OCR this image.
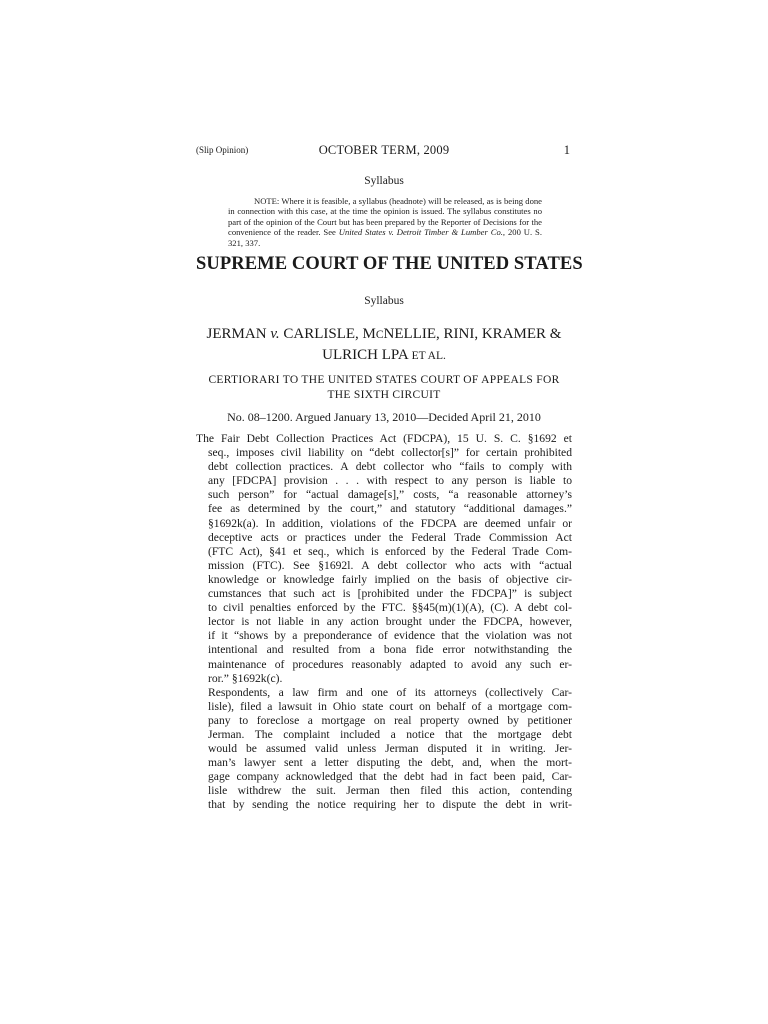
(Slip Opinion)	OCTOBER TERM, 2009	1
Syllabus
NOTE: Where it is feasible, a syllabus (headnote) will be released, as is being done in connection with this case, at the time the opinion is issued. The syllabus constitutes no part of the opinion of the Court but has been prepared by the Reporter of Decisions for the convenience of the reader. See United States v. Detroit Timber & Lumber Co., 200 U. S. 321, 337.
SUPREME COURT OF THE UNITED STATES
Syllabus
JERMAN v. CARLISLE, MCNELLIE, RINI, KRAMER &
ULRICH LPA ET AL.
CERTIORARI TO THE UNITED STATES COURT OF APPEALS FOR
THE SIXTH CIRCUIT
No. 08–1200. Argued January 13, 2010—Decided April 21, 2010
The Fair Debt Collection Practices Act (FDCPA), 15 U. S. C. §1692 et
seq., imposes civil liability on “debt collector[s]” for certain prohibited
debt collection practices. A debt collector who “fails to comply with
any [FDCPA] provision . . . with respect to any person is liable to
such person” for “actual damage[s],” costs, “a reasonable attorney’s
fee as determined by the court,” and statutory “additional damages.”
§1692k(a). In addition, violations of the FDCPA are deemed unfair or
deceptive acts or practices under the Federal Trade Commission Act
(FTC Act), §41 et seq., which is enforced by the Federal Trade Com-
mission (FTC). See §1692l. A debt collector who acts with “actual
knowledge or knowledge fairly implied on the basis of objective cir-
cumstances that such act is [prohibited under the FDCPA]” is subject
to civil penalties enforced by the FTC. §§45(m)(1)(A), (C). A debt col-
lector is not liable in any action brought under the FDCPA, however,
if it “shows by a preponderance of evidence that the violation was not
intentional and resulted from a bona fide error notwithstanding the
maintenance of procedures reasonably adapted to avoid any such er-
ror.” §1692k(c).
Respondents, a law firm and one of its attorneys (collectively Car-
lisle), filed a lawsuit in Ohio state court on behalf of a mortgage com-
pany to foreclose a mortgage on real property owned by petitioner
Jerman. The complaint included a notice that the mortgage debt
would be assumed valid unless Jerman disputed it in writing. Jer-
man’s lawyer sent a letter disputing the debt, and, when the mort-
gage company acknowledged that the debt had in fact been paid, Car-
lisle withdrew the suit. Jerman then filed this action, contending
that by sending the notice requiring her to dispute the debt in writ-
